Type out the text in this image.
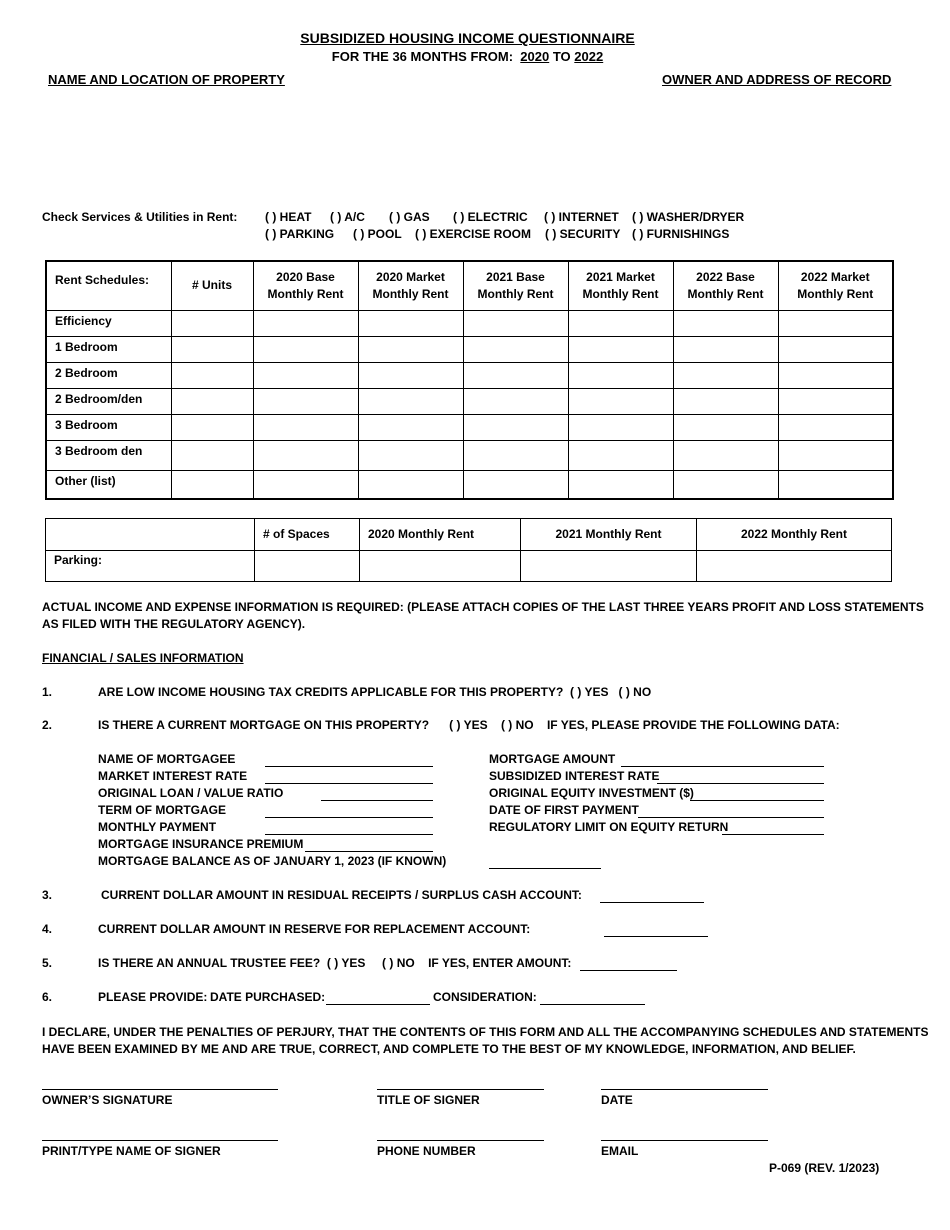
SUBSIDIZED HOUSING INCOME QUESTIONNAIRE
FOR THE 36 MONTHS FROM: 2020 TO 2022
NAME AND LOCATION OF PROPERTY	OWNER AND ADDRESS OF RECORD
Check Services & Utilities in Rent: ( ) HEAT ( ) A/C ( ) GAS ( ) ELECTRIC ( ) INTERNET ( ) WASHER/DRYER
( ) PARKING ( ) POOL ( ) EXERCISE ROOM ( ) SECURITY ( ) FURNISHINGS
Rent Schedules:	# Units	2020 Base Monthly Rent	2020 Market Monthly Rent	2021 Base Monthly Rent	2021 Market Monthly Rent	2022 Base Monthly Rent	2022 Market Monthly Rent
Efficiency							
1 Bedroom							
2 Bedroom							
2 Bedroom/den							
3 Bedroom							
3 Bedroom den							
Other (list)							
	# of Spaces	2020 Monthly Rent	2021 Monthly Rent	2022 Monthly Rent
Parking:				
ACTUAL INCOME AND EXPENSE INFORMATION IS REQUIRED: (PLEASE ATTACH COPIES OF THE LAST THREE YEARS PROFIT AND LOSS STATEMENTS
AS FILED WITH THE REGULATORY AGENCY).
FINANCIAL / SALES INFORMATION
1.	ARE LOW INCOME HOUSING TAX CREDITS APPLICABLE FOR THIS PROPERTY? ( ) YES ( ) NO
2.	IS THERE A CURRENT MORTGAGE ON THIS PROPERTY? ( ) YES ( ) NO IF YES, PLEASE PROVIDE THE FOLLOWING DATA:
NAME OF MORTGAGEE
MARKET INTEREST RATE
ORIGINAL LOAN / VALUE RATIO
TERM OF MORTGAGE
MONTHLY PAYMENT
MORTGAGE INSURANCE PREMIUM
MORTGAGE BALANCE AS OF JANUARY 1, 2023 (IF KNOWN)
MORTGAGE AMOUNT
SUBSIDIZED INTEREST RATE
ORIGINAL EQUITY INVESTMENT ($)
DATE OF FIRST PAYMENT
REGULATORY LIMIT ON EQUITY RETURN
3.	CURRENT DOLLAR AMOUNT IN RESIDUAL RECEIPTS / SURPLUS CASH ACCOUNT:
4.	CURRENT DOLLAR AMOUNT IN RESERVE FOR REPLACEMENT ACCOUNT:
5.	IS THERE AN ANNUAL TRUSTEE FEE? ( ) YES ( ) NO IF YES, ENTER AMOUNT:
6.	PLEASE PROVIDE: DATE PURCHASED:	CONSIDERATION:
I DECLARE, UNDER THE PENALTIES OF PERJURY, THAT THE CONTENTS OF THIS FORM AND ALL THE ACCOMPANYING SCHEDULES AND STATEMENTS
HAVE BEEN EXAMINED BY ME AND ARE TRUE, CORRECT, AND COMPLETE TO THE BEST OF MY KNOWLEDGE, INFORMATION, AND BELIEF.
OWNER’S SIGNATURE	TITLE OF SIGNER	DATE
PRINT/TYPE NAME OF SIGNER	PHONE NUMBER	EMAIL
P-069 (REV. 1/2023)
